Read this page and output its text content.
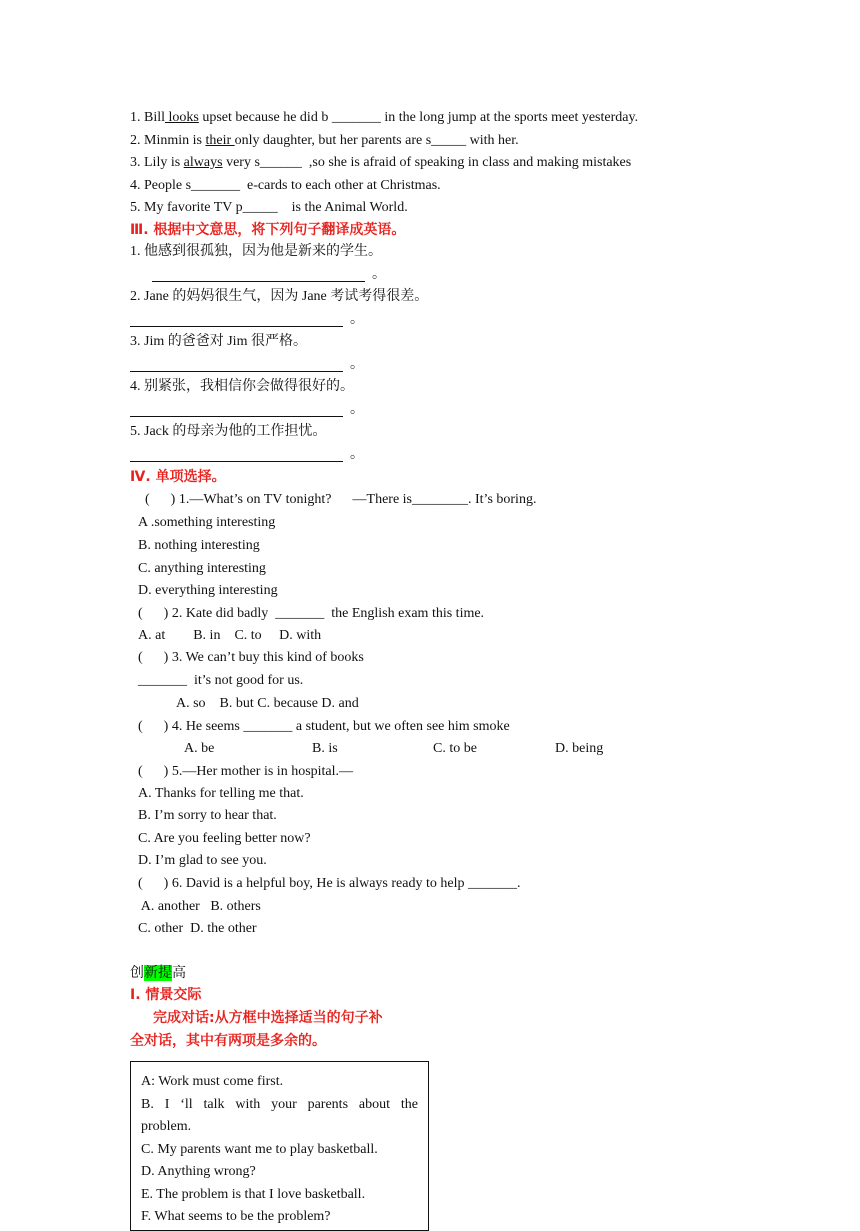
1. Bill looks upset because he did b _______ in the long jump at the sports meet yesterday.
2. Minmin is their only daughter, but her parents are s_____ with her.
3. Lily is always very s______  ,so she is afraid of speaking in class and making mistakes
4. People s_______  e-cards to each other at Christmas.
5. My favorite TV p_____    is the Animal World.
Ⅲ. 根据中文意思，将下列句子翻译成英语。
1. 他感到很孤独，因为他是新来的学生。
。
2. Jane 的妈妈很生气，因为 Jane 考试考得很差。
。
3. Jim 的爸爸对 Jim 很严格。
。
4. 别紧张，我相信你会做得很好的。
。
5. Jack 的母亲为他的工作担忧。
。
Ⅳ. 单项选择。
(      ) 1.—What’s on TV tonight?      —There is________. It’s boring.
A .something interesting
B. nothing interesting
C. anything interesting
D. everything interesting
(      ) 2. Kate did badly  _______  the English exam this time.
A. at        B. in    C. to     D. with
(      ) 3. We can’t buy this kind of books
_______  it’s not good for us.
A. so    B. but C. because D. and
(      ) 4. He seems _______ a student, but we often see him smoke
A. be	B. is	C. to be	D. being
(      ) 5.—Her mother is in hospital.—
A. Thanks for telling me that.
B. I’m sorry to hear that.
C. Are you feeling better now?
D. I’m glad to see you.
(      ) 6. David is a helpful boy, He is always ready to help _______.
A. another   B. others
C. other  D. the other
创新提高
Ⅰ. 情景交际
完成对话:从方框中选择适当的句子补
全对话，其中有两项是多余的。
A: Work must come first.
B. I ‘ll talk with your parents about the
problem.
C. My parents want me to play basketball.
D. Anything wrong?
E. The problem is that I love basketball.
F. What seems to be the problem?
